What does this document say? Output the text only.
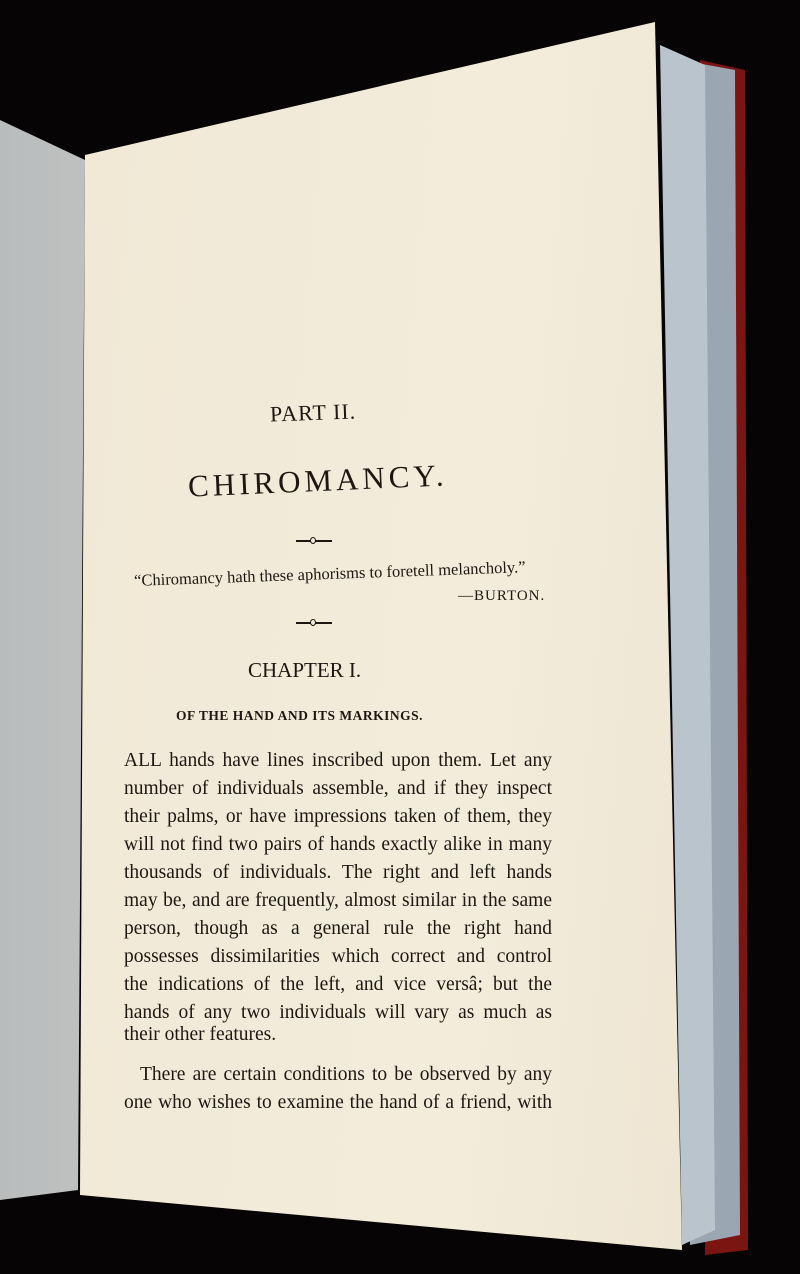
PART II.
CHIROMANCY.
“Chiromancy hath these aphorisms to foretell melancholy.”
—BURTON.
CHAPTER I.
OF THE HAND AND ITS MARKINGS.
ALL hands have lines inscribed upon them. Let any
number of individuals assemble, and if they inspect
their palms, or have impressions taken of them, they
will not find two pairs of hands exactly alike in many
thousands of individuals. The right and left hands
may be, and are frequently, almost similar in the same
person, though as a general rule the right hand
possesses dissimilarities which correct and control
the indications of the left, and vice versâ; but the
hands of any two individuals will vary as much as
their other features.
There are certain conditions to be observed by any
one who wishes to examine the hand of a friend, with
